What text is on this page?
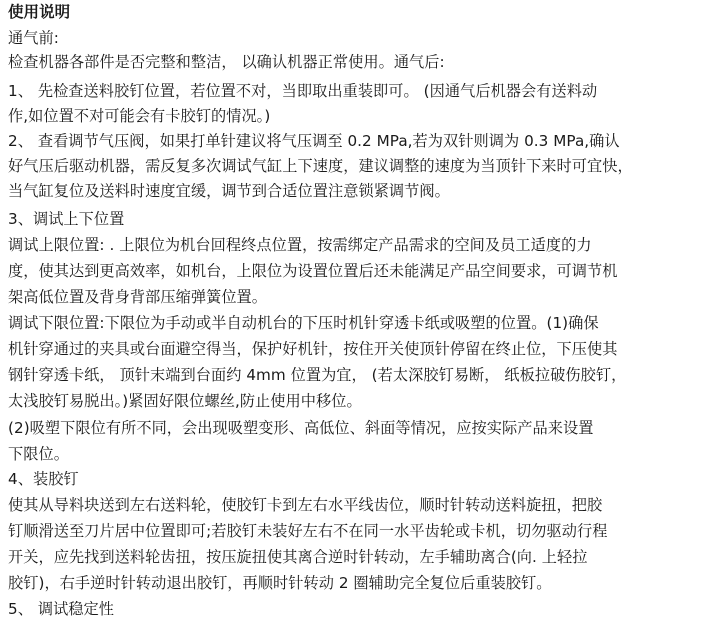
使用说明
通气前:
检查机器各部件是否完整和整洁， 以确认机器正常使用。通气后:
1、 先检查送料胶钉位置，若位置不对，当即取出重装即可。 (因通气后机器会有送料动
作,如位置不对可能会有卡胶钉的情况。)
2、 查看调节气压阀，如果打单针建议将气压调至 0.2 MPa,若为双针则调为 0.3 MPa,确认
好气压后驱动机器，需反复多次调试气缸上下速度，建议调整的速度为当顶针下来时可宜快，
当气缸复位及送料时速度宜缓，调节到合适位置注意锁紧调节阀。
3、调试上下位置
调试上限位置: . 上限位为机台回程终点位置，按需绑定产品需求的空间及员工适度的力
度，使其达到更高效率，如机台，上限位为设置位置后还未能满足产品空间要求，可调节机
架高低位置及背身背部压缩弹簧位置。
调试下限位置:下限位为手动或半自动机台的下压时机针穿透卡纸或吸塑的位置。(1)确保
机针穿通过的夹具或台面避空得当，保护好机针，按住开关使顶针停留在终止位，下压使其
钢针穿透卡纸， 顶针末端到台面约 4mm 位置为宜， (若太深胶钉易断， 纸板拉破伤胶钉，
太浅胶钉易脱出。)紧固好限位螺丝,防止使用中移位。
(2)吸塑下限位有所不同，会出现吸塑变形、高低位、斜面等情况，应按实际产品来设置
下限位。
4、装胶钉
使其从导料块送到左右送料轮，使胶钉卡到左右水平线齿位，顺时针转动送料旋扭，把胶
钉顺滑送至刀片居中位置即可;若胶钉未装好左右不在同一水平齿轮或卡机，切勿驱动行程
开关，应先找到送料轮齿扭，按压旋扭使其离合逆时针转动，左手辅助离合(向. 上轻拉
胶钉)，右手逆时针转动退出胶钉，再顺时针转动 2 圈辅助完全复位后重装胶钉。
5、 调试稳定性
